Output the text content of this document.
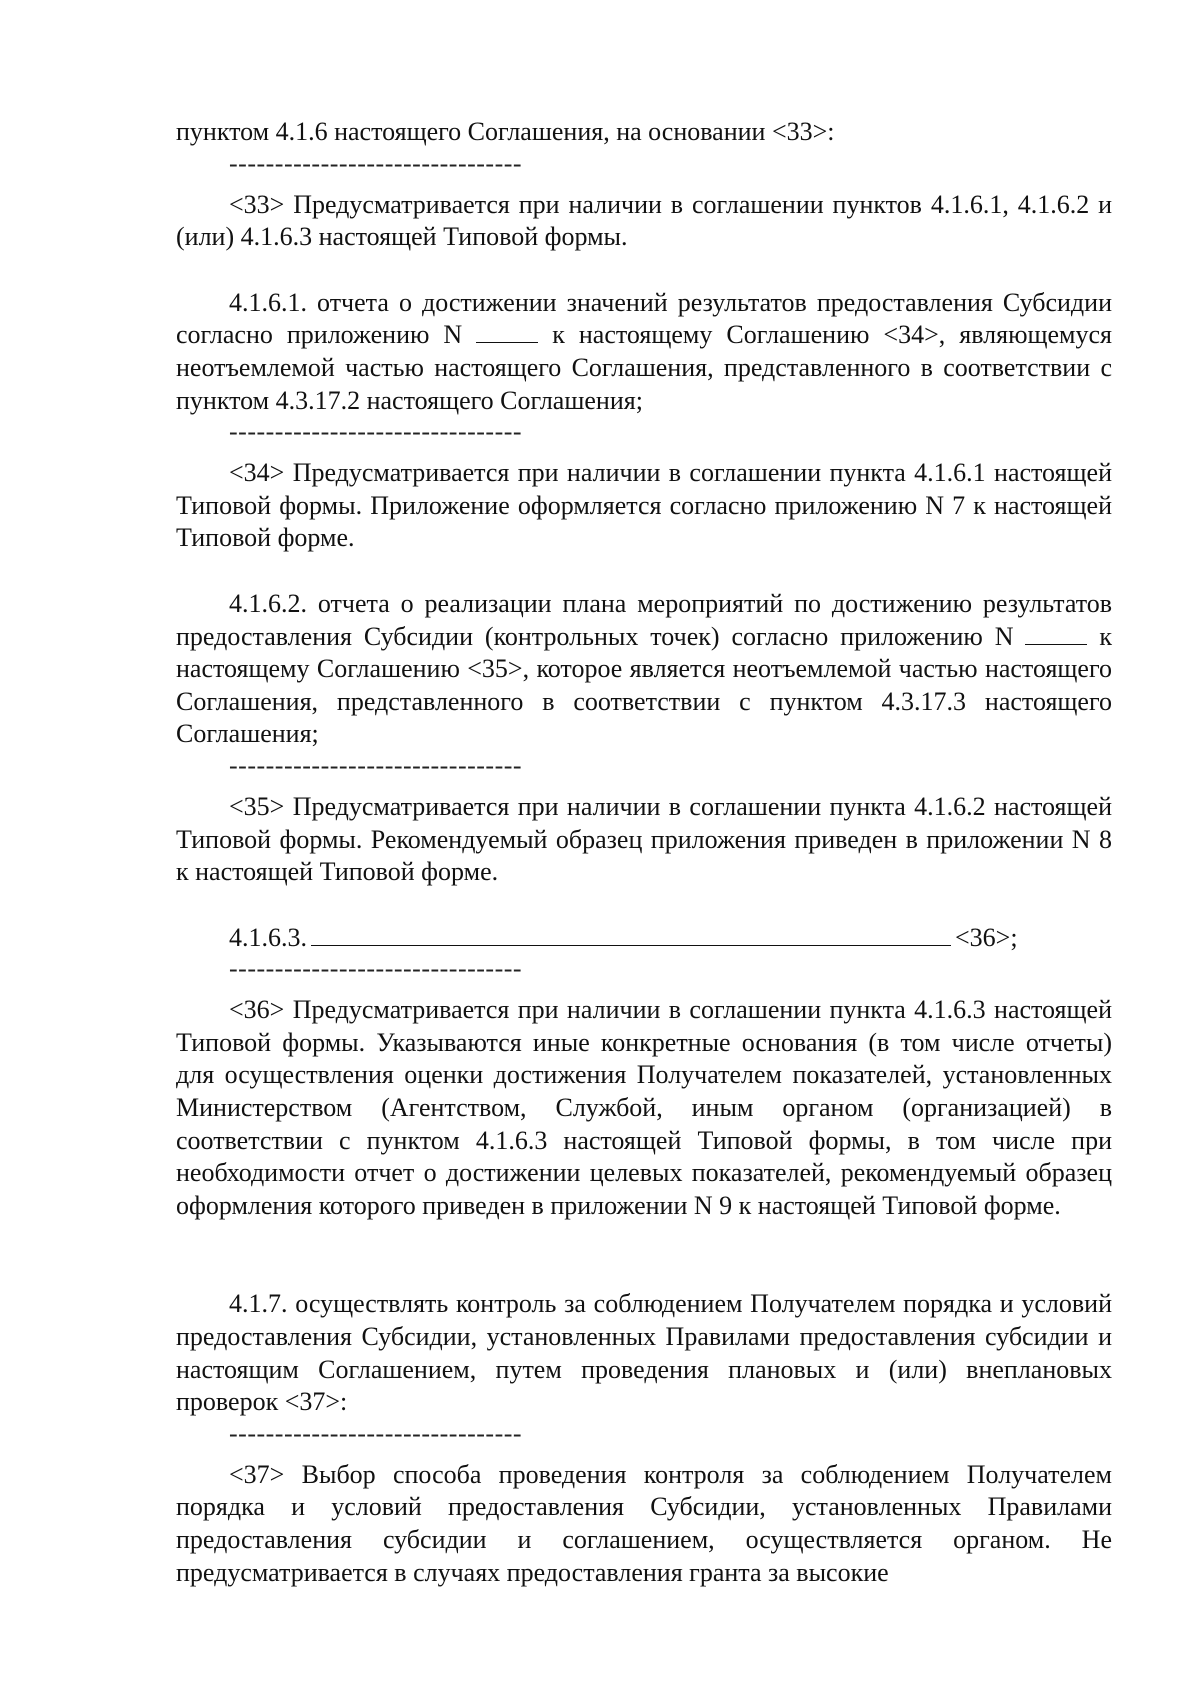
пунктом 4.1.6 настоящего Соглашения, на основании <33>:

--------------------------------

<33> Предусматривается при наличии в соглашении пунктов 4.1.6.1, 4.1.6.2 и (или) 4.1.6.3 настоящей Типовой формы.

4.1.6.1. отчета о достижении значений результатов предоставления Субсидии согласно приложению N	к настоящему Соглашению <34>, являющемуся неотъемлемой частью настоящего Соглашения, представленного в соответствии с пунктом 4.3.17.2 настоящего Соглашения;

--------------------------------

<34> Предусматривается при наличии в соглашении пункта 4.1.6.1 настоящей Типовой формы. Приложение оформляется согласно приложению N 7 к настоящей Типовой форме.

4.1.6.2. отчета о реализации плана мероприятий по достижению результатов предоставления Субсидии (контрольных точек) согласно приложению N	к настоящему Соглашению <35>, которое является неотъемлемой частью настоящего Соглашения, представленного в соответствии с пунктом 4.3.17.3 настоящего Соглашения;

--------------------------------

<35> Предусматривается при наличии в соглашении пункта 4.1.6.2 настоящей Типовой формы. Рекомендуемый образец приложения приведен в приложении N 8 к настоящей Типовой форме.

4.1.6.3.	<36>;

--------------------------------

<36> Предусматривается при наличии в соглашении пункта 4.1.6.3 настоящей Типовой формы. Указываются иные конкретные основания (в том числе отчеты) для осуществления оценки достижения Получателем показателей, установленных Министерством (Агентством, Службой, иным органом (организацией) в соответствии с пунктом 4.1.6.3 настоящей Типовой формы, в том числе при необходимости отчет о достижении целевых показателей, рекомендуемый образец оформления которого приведен в приложении N 9 к настоящей Типовой форме.

4.1.7. осуществлять контроль за соблюдением Получателем порядка и условий предоставления Субсидии, установленных Правилами предоставления субсидии и настоящим Соглашением, путем проведения плановых и (или) внеплановых проверок <37>:

--------------------------------

<37> Выбор способа проведения контроля за соблюдением Получателем порядка и условий предоставления Субсидии, установленных Правилами предоставления субсидии и соглашением, осуществляется органом. Не предусматривается в случаях предоставления гранта за высокие
